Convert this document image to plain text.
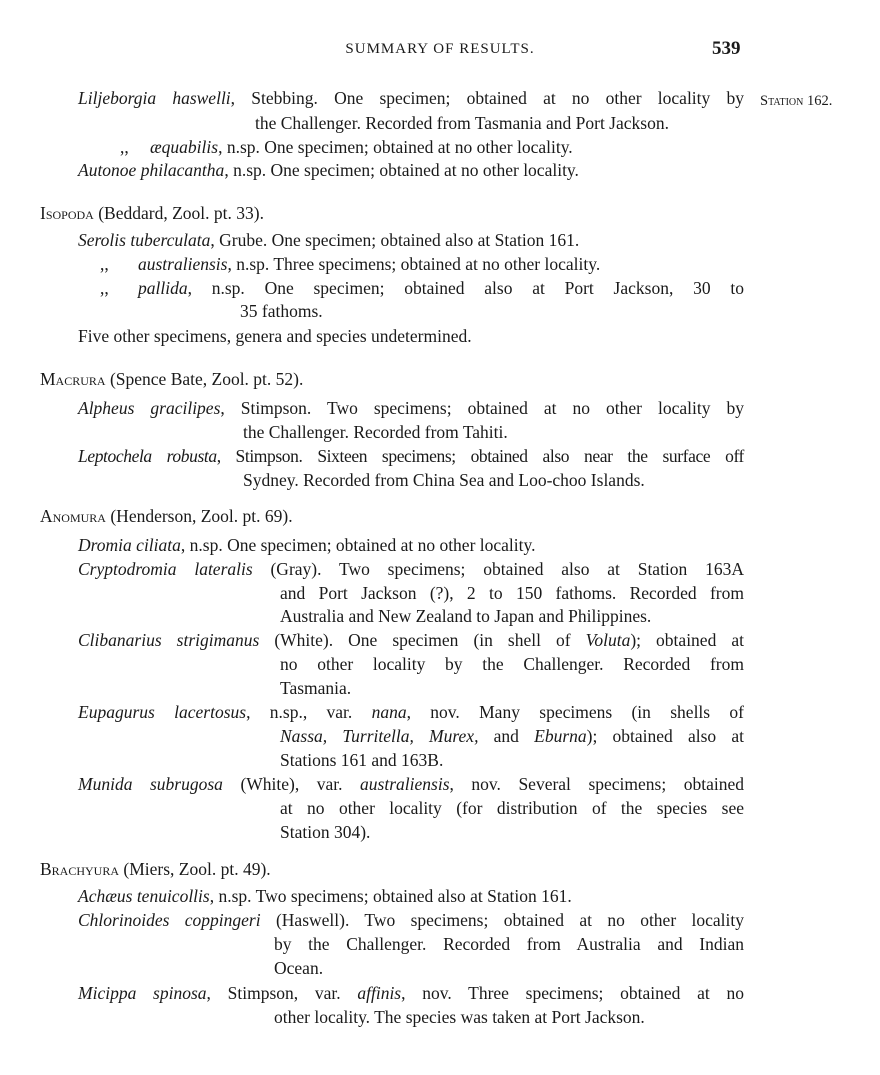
SUMMARY OF RESULTS.	539
Station 162.
Liljeborgia haswelli, Stebbing. One specimen; obtained at no other locality by
the Challenger. Recorded from Tasmania and Port Jackson.
,, æquabilis, n.sp. One specimen; obtained at no other locality.
Autonoe philacantha, n.sp. One specimen; obtained at no other locality.
Isopoda (Beddard, Zool. pt. 33).
Serolis tuberculata, Grube. One specimen; obtained also at Station 161.
,, australiensis, n.sp. Three specimens; obtained at no other locality.
,, pallida, n.sp. One specimen; obtained also at Port Jackson, 30 to
35 fathoms.
Five other specimens, genera and species undetermined.
Macrura (Spence Bate, Zool. pt. 52).
Alpheus gracilipes, Stimpson. Two specimens; obtained at no other locality by
the Challenger. Recorded from Tahiti.
Leptochela robusta, Stimpson. Sixteen specimens; obtained also near the surface off
Sydney. Recorded from China Sea and Loo-choo Islands.
Anomura (Henderson, Zool. pt. 69).
Dromia ciliata, n.sp. One specimen; obtained at no other locality.
Cryptodromia lateralis (Gray). Two specimens; obtained also at Station 163A
and Port Jackson (?), 2 to 150 fathoms. Recorded from
Australia and New Zealand to Japan and Philippines.
Clibanarius strigimanus (White). One specimen (in shell of Voluta); obtained at
no other locality by the Challenger. Recorded from
Tasmania.
Eupagurus lacertosus, n.sp., var. nana, nov. Many specimens (in shells of
Nassa, Turritella, Murex, and Eburna); obtained also at
Stations 161 and 163B.
Munida subrugosa (White), var. australiensis, nov. Several specimens; obtained
at no other locality (for distribution of the species see
Station 304).
Brachyura (Miers, Zool. pt. 49).
Achæus tenuicollis, n.sp. Two specimens; obtained also at Station 161.
Chlorinoides coppingeri (Haswell). Two specimens; obtained at no other locality
by the Challenger. Recorded from Australia and Indian
Ocean.
Micippa spinosa, Stimpson, var. affinis, nov. Three specimens; obtained at no
other locality. The species was taken at Port Jackson.
